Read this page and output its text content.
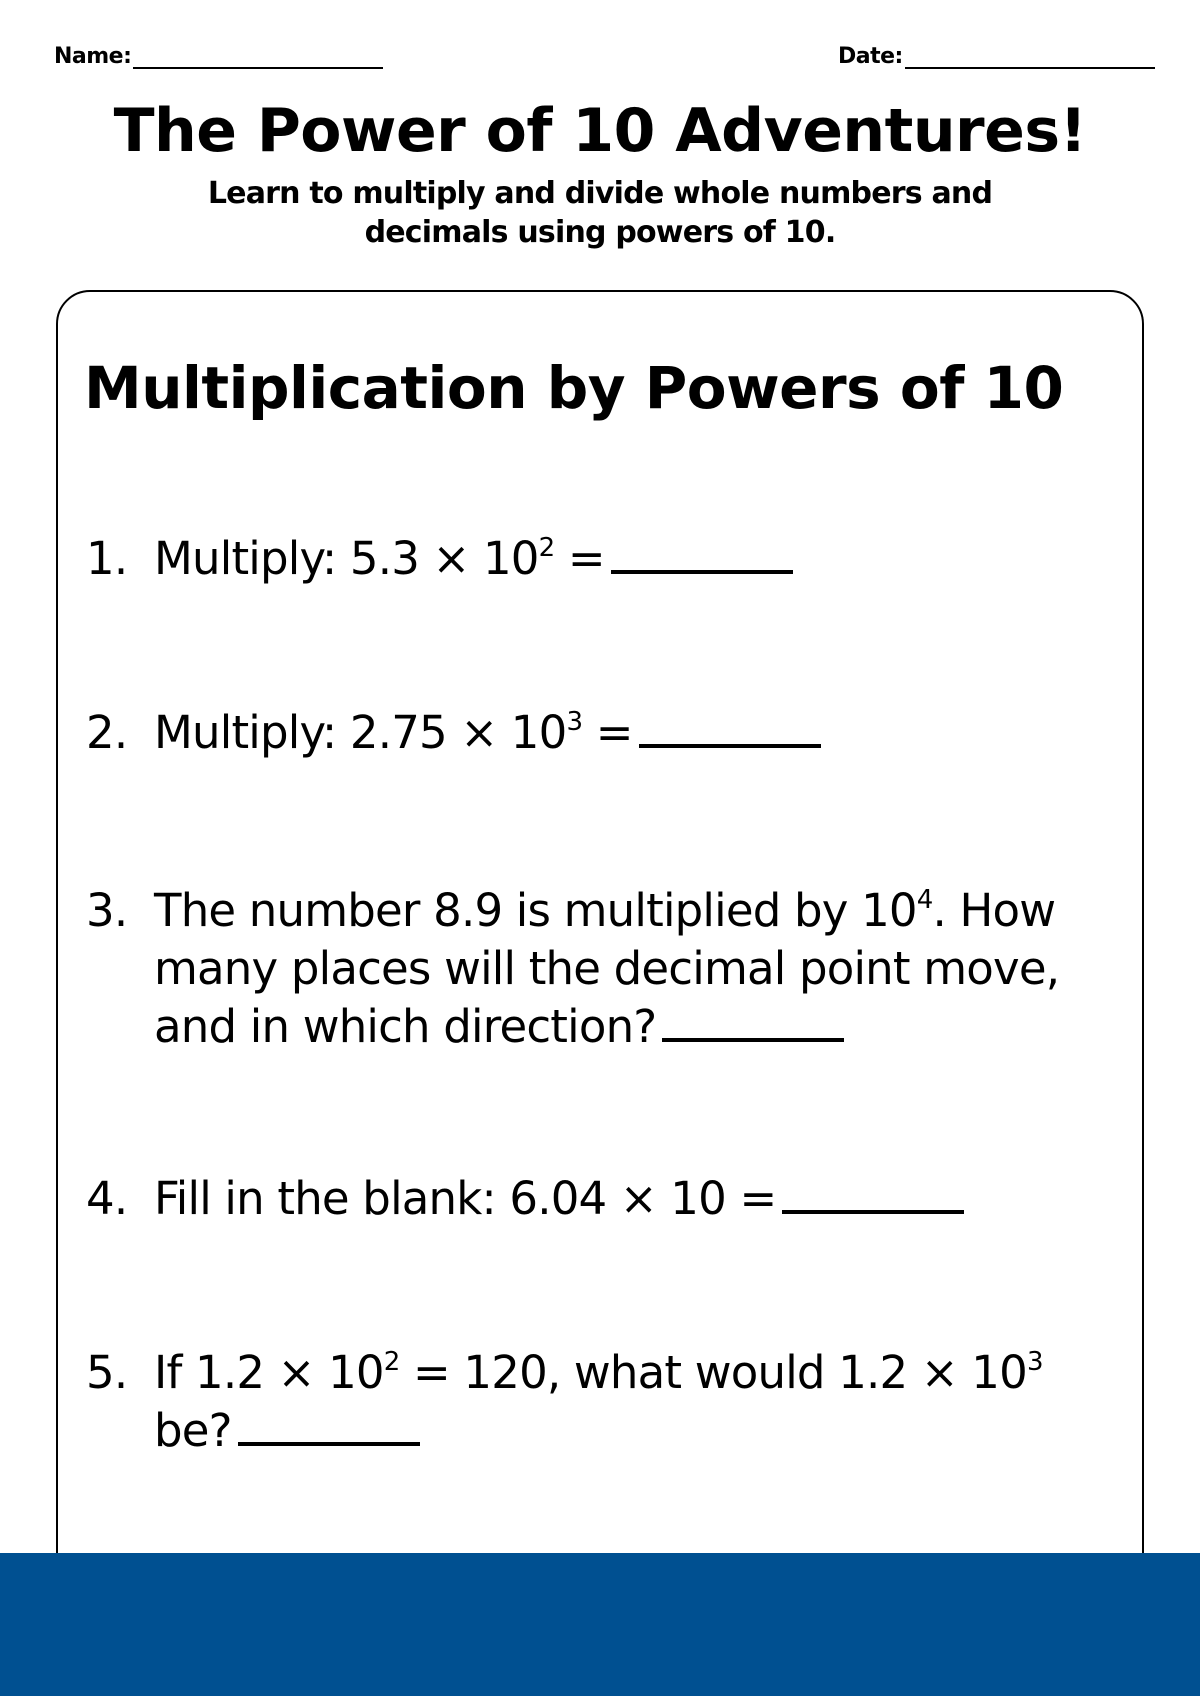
Name:	Date:
The Power of 10 Adventures!
Learn to multiply and divide whole numbers and decimals using powers of 10.
Multiplication by Powers of 10
1. Multiply: $5.3 \times 10^2$ =
2. Multiply: $2.75 \times 10^3$ =
3. The number 8.9 is multiplied by $10^4$. How
many places will the decimal point move,
and in which direction?
4. Fill in the blank: 6.04 × 10 =
5. If $1.2 \times 10^2 = 120$, what would $1.2 \times 10^3$
be?
